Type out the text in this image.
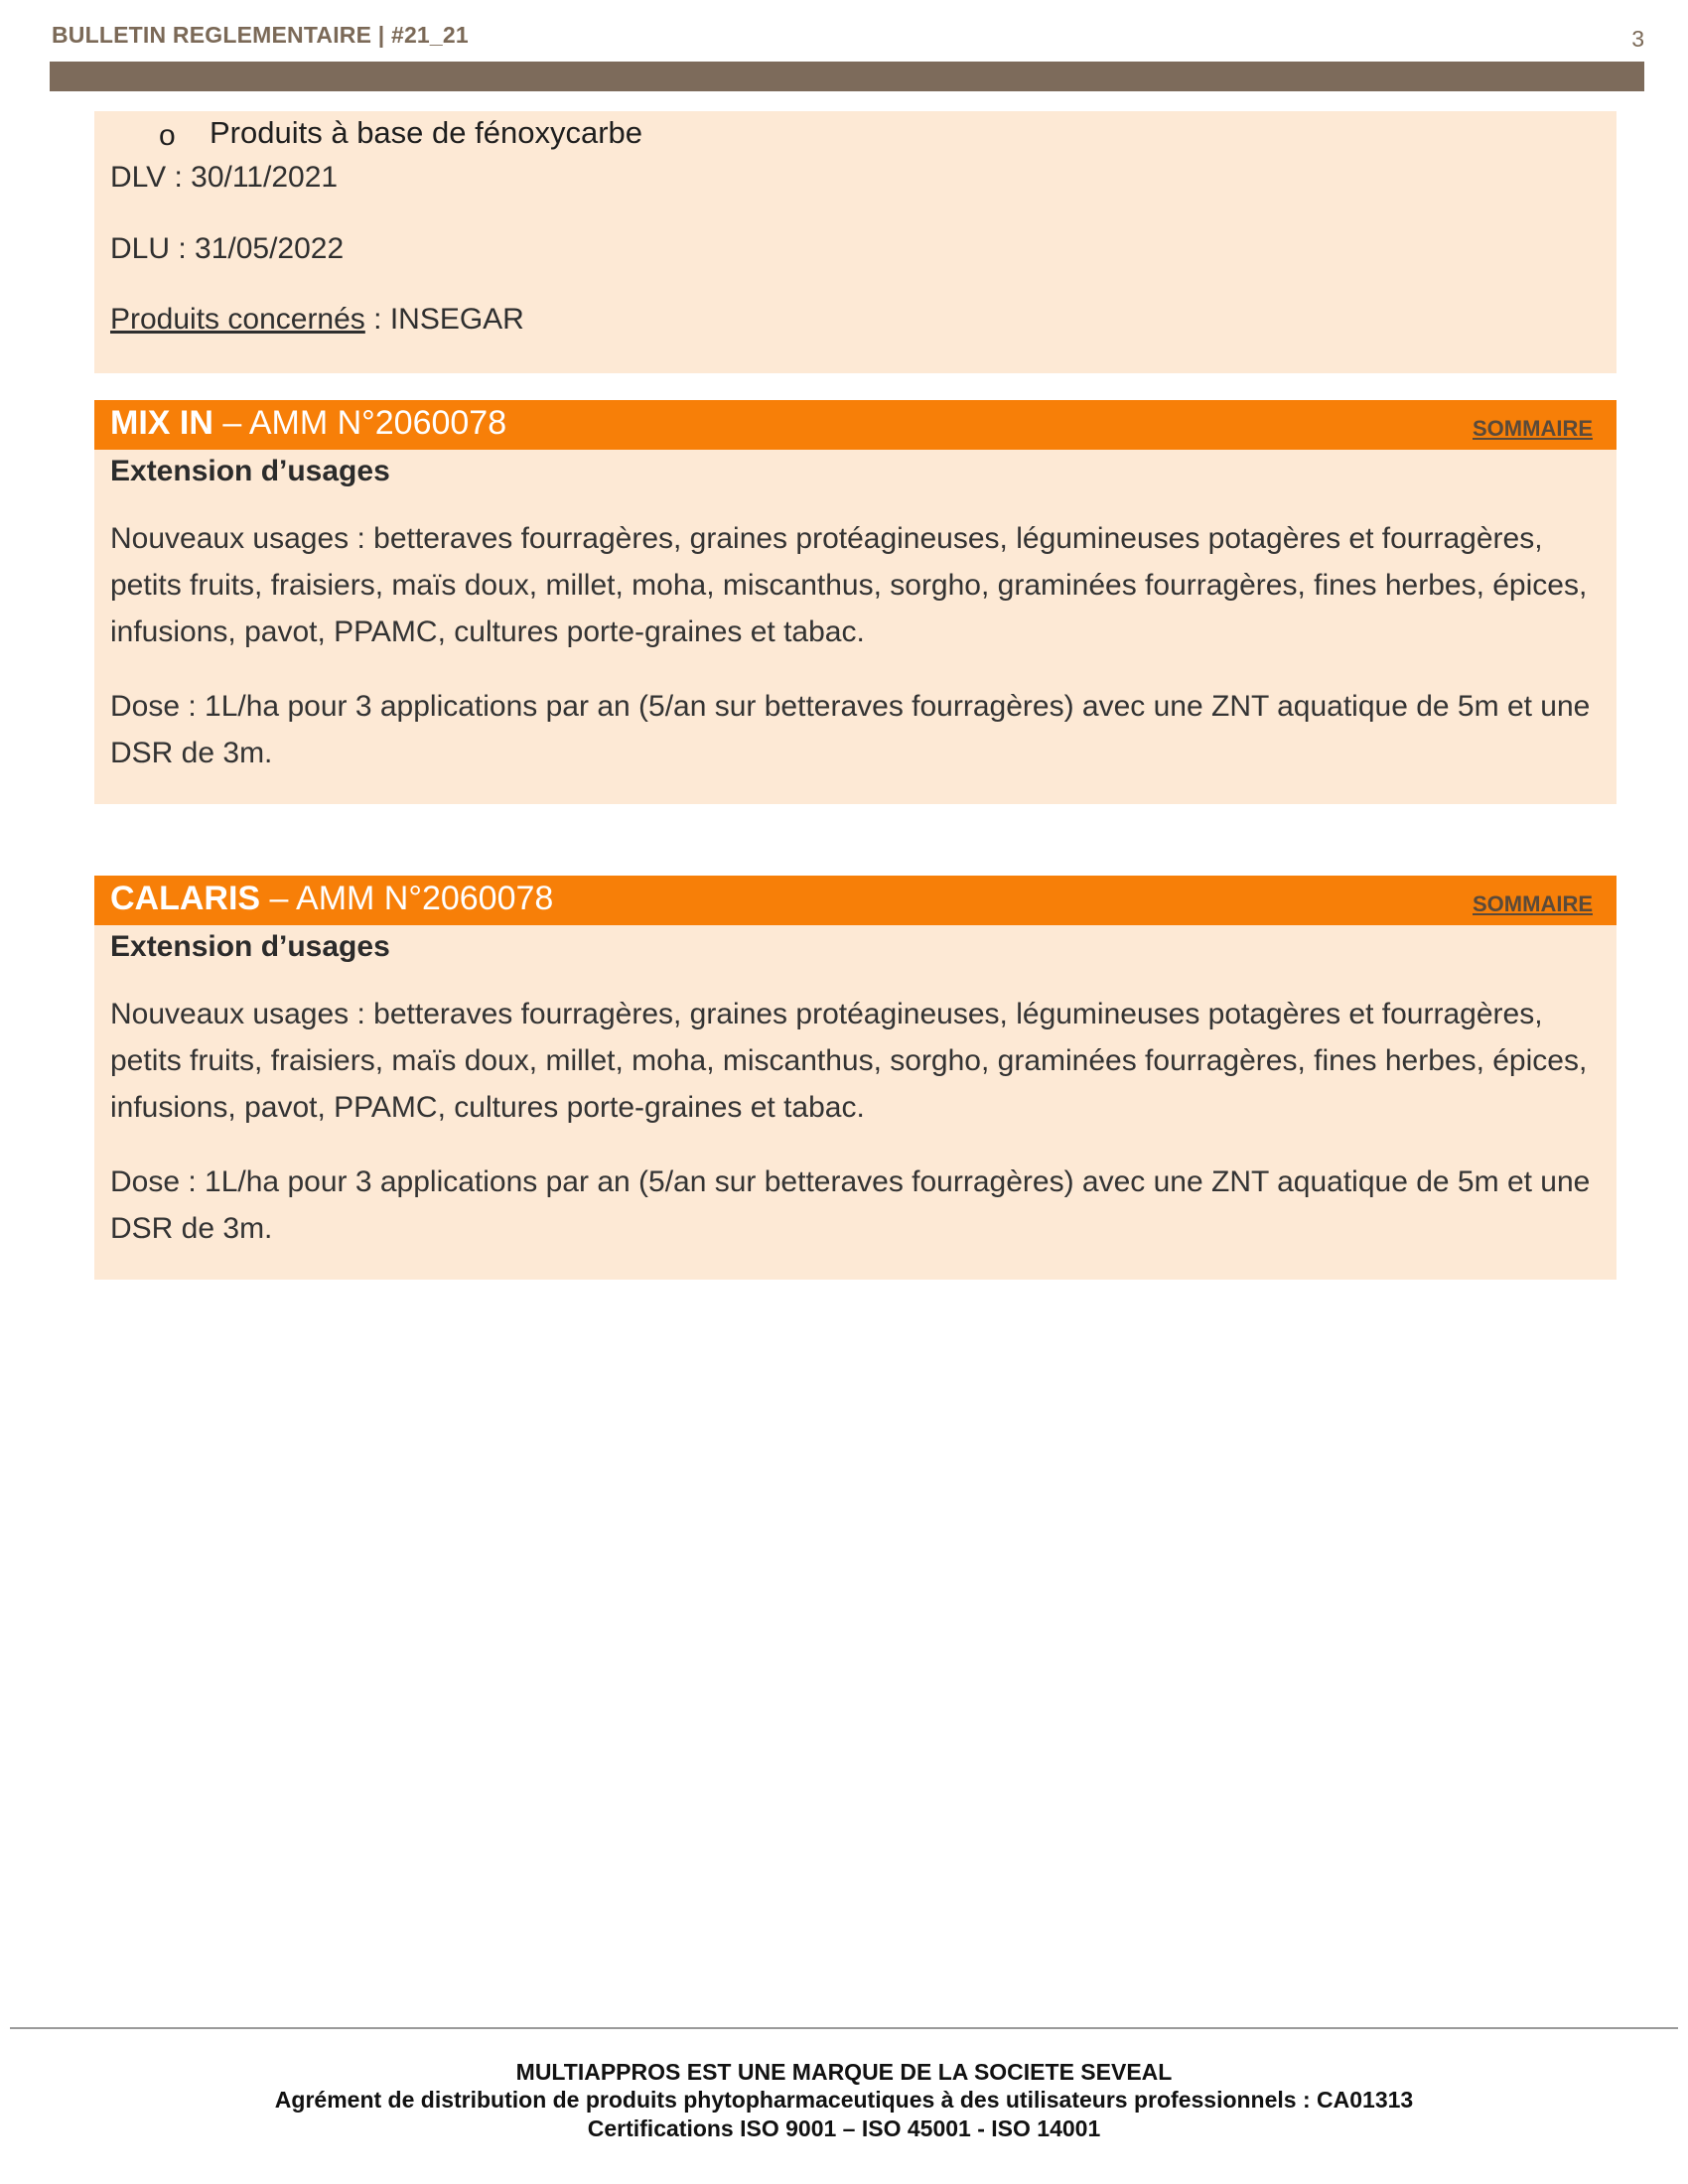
BULLETIN REGLEMENTAIRE | #21_21	3
o Produits à base de fénoxycarbe
DLV : 30/11/2021
DLU : 31/05/2022
Produits concernés : INSEGAR
MIX IN – AMM N°2060078	SOMMAIRE
Extension d’usages
Nouveaux usages : betteraves fourragères, graines protéagineuses, légumineuses potagères et fourragères, petits fruits, fraisiers, maïs doux, millet, moha, miscanthus, sorgho, graminées fourragères, fines herbes, épices, infusions, pavot, PPAMC, cultures porte-graines et tabac.
Dose : 1L/ha pour 3 applications par an (5/an sur betteraves fourragères) avec une ZNT aquatique de 5m et une DSR de 3m.
CALARIS – AMM N°2060078	SOMMAIRE
Extension d’usages
Nouveaux usages : betteraves fourragères, graines protéagineuses, légumineuses potagères et fourragères, petits fruits, fraisiers, maïs doux, millet, moha, miscanthus, sorgho, graminées fourragères, fines herbes, épices, infusions, pavot, PPAMC, cultures porte-graines et tabac.
Dose : 1L/ha pour 3 applications par an (5/an sur betteraves fourragères) avec une ZNT aquatique de 5m et une DSR de 3m.
MULTIAPPROS EST UNE MARQUE DE LA SOCIETE SEVEAL
Agrément de distribution de produits phytopharmaceutiques à des utilisateurs professionnels : CA01313
Certifications ISO 9001 – ISO 45001 - ISO 14001
